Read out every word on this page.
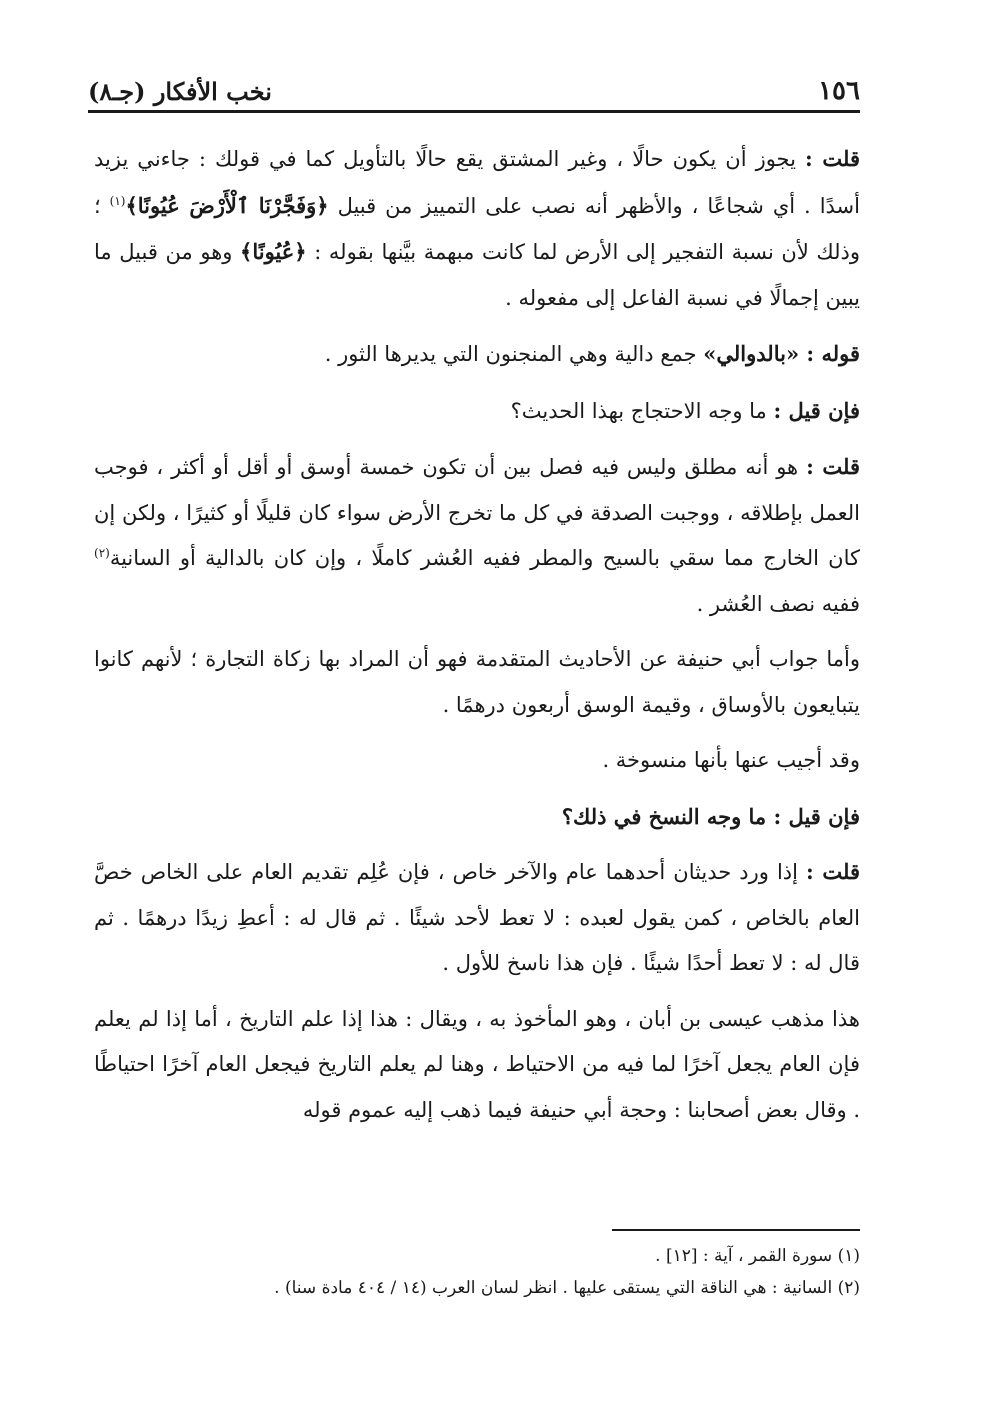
١٥٦
نخب الأفكار (جـ٨)

قلت : يجوز أن يكون حالًا ، وغير المشتق يقع حالًا بالتأويل كما في قولك : جاءني يزيد أسدًا . أي شجاعًا ، والأظهر أنه نصب على التمييز من قبيل ﴿وَفَجَّرْنَا ٱلْأَرْضَ عُيُونًا﴾$^{(١)}$ ؛ وذلك لأن نسبة التفجير إلى الأرض لما كانت مبهمة بيَّنها بقوله : ﴿عُيُونًا﴾ وهو من قبيل ما يبين إجمالًا في نسبة الفاعل إلى مفعوله .

قوله : «بالدوالي» جمع دالية وهي المنجنون التي يديرها الثور .

فإن قيل : ما وجه الاحتجاج بهذا الحديث؟

قلت : هو أنه مطلق وليس فيه فصل بين أن تكون خمسة أوسق أو أقل أو أكثر ، فوجب العمل بإطلاقه ، ووجبت الصدقة في كل ما تخرج الأرض سواء كان قليلًا أو كثيرًا ، ولكن إن كان الخارج مما سقي بالسيح والمطر ففيه العُشر كاملًا ، وإن كان بالدالية أو السانية$^{(٢)}$ ففيه نصف العُشر .

وأما جواب أبي حنيفة عن الأحاديث المتقدمة فهو أن المراد بها زكاة التجارة ؛ لأنهم كانوا يتبايعون بالأوساق ، وقيمة الوسق أربعون درهمًا .

وقد أجيب عنها بأنها منسوخة .

فإن قيل : ما وجه النسخ في ذلك؟

قلت : إذا ورد حديثان أحدهما عام والآخر خاص ، فإن عُلِم تقديم العام على الخاص خصَّ العام بالخاص ، كمن يقول لعبده : لا تعط لأحد شيئًا . ثم قال له : أعطِ زيدًا درهمًا . ثم قال له : لا تعط أحدًا شيئًا . فإن هذا ناسخ للأول .

هذا مذهب عيسى بن أبان ، وهو المأخوذ به ، ويقال : هذا إذا علم التاريخ ، أما إذا لم يعلم فإن العام يجعل آخرًا لما فيه من الاحتياط ، وهنا لم يعلم التاريخ فيجعل العام آخرًا احتياطًا . وقال بعض أصحابنا : وحجة أبي حنيفة فيما ذهب إليه عموم قوله

(١) سورة القمر ، آية : [١٢] .

(٢) السانية : هي الناقة التي يستقى عليها . انظر لسان العرب (١٤ / ٤٠٤ مادة سنا) .
